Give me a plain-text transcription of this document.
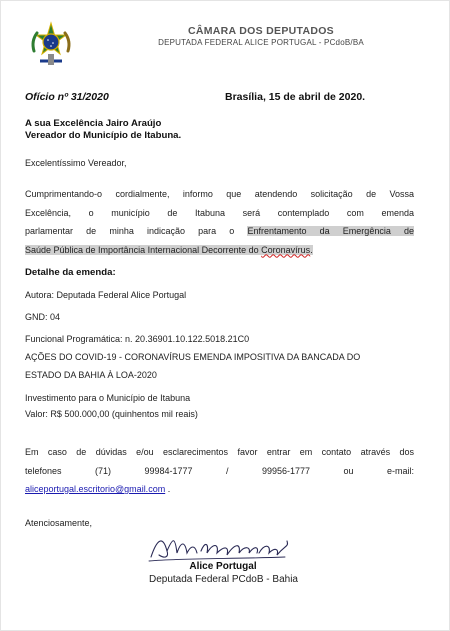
CÂMARA DOS DEPUTADOS
DEPUTADA FEDERAL ALICE PORTUGAL - PCdoB/BA
Ofício nº 31/2020	Brasília, 15 de abril de 2020.
A sua Excelência Jairo Araújo
Vereador do Município de Itabuna.
Excelentíssimo Vereador,
Cumprimentando-o cordialmente, informo que atendendo solicitação de Vossa
Excelência, o município de Itabuna será contemplado com emenda
parlamentar de minha indicação para o Enfrentamento da Emergência de
Saúde Pública de Importância Internacional Decorrente do Coronavírus.
Detalhe da emenda:
Autora: Deputada Federal Alice Portugal
GND: 04
Funcional Programática: n. 20.36901.10.122.5018.21C0
AÇÕES DO COVID-19 - CORONAVÍRUS EMENDA IMPOSITIVA DA BANCADA DO
ESTADO DA BAHIA À LOA-2020
Investimento para o Município de Itabuna
Valor: R$ 500.000,00 (quinhentos mil reais)
Em caso de dúvidas e/ou esclarecimentos favor entrar em contato através dos
telefones	(71)	99984-1777	/	99956-1777	ou	e-mail:
aliceportugal.escritorio@gmail.com .
Atenciosamente,
Alice Portugal
Deputada Federal PCdoB - Bahia
